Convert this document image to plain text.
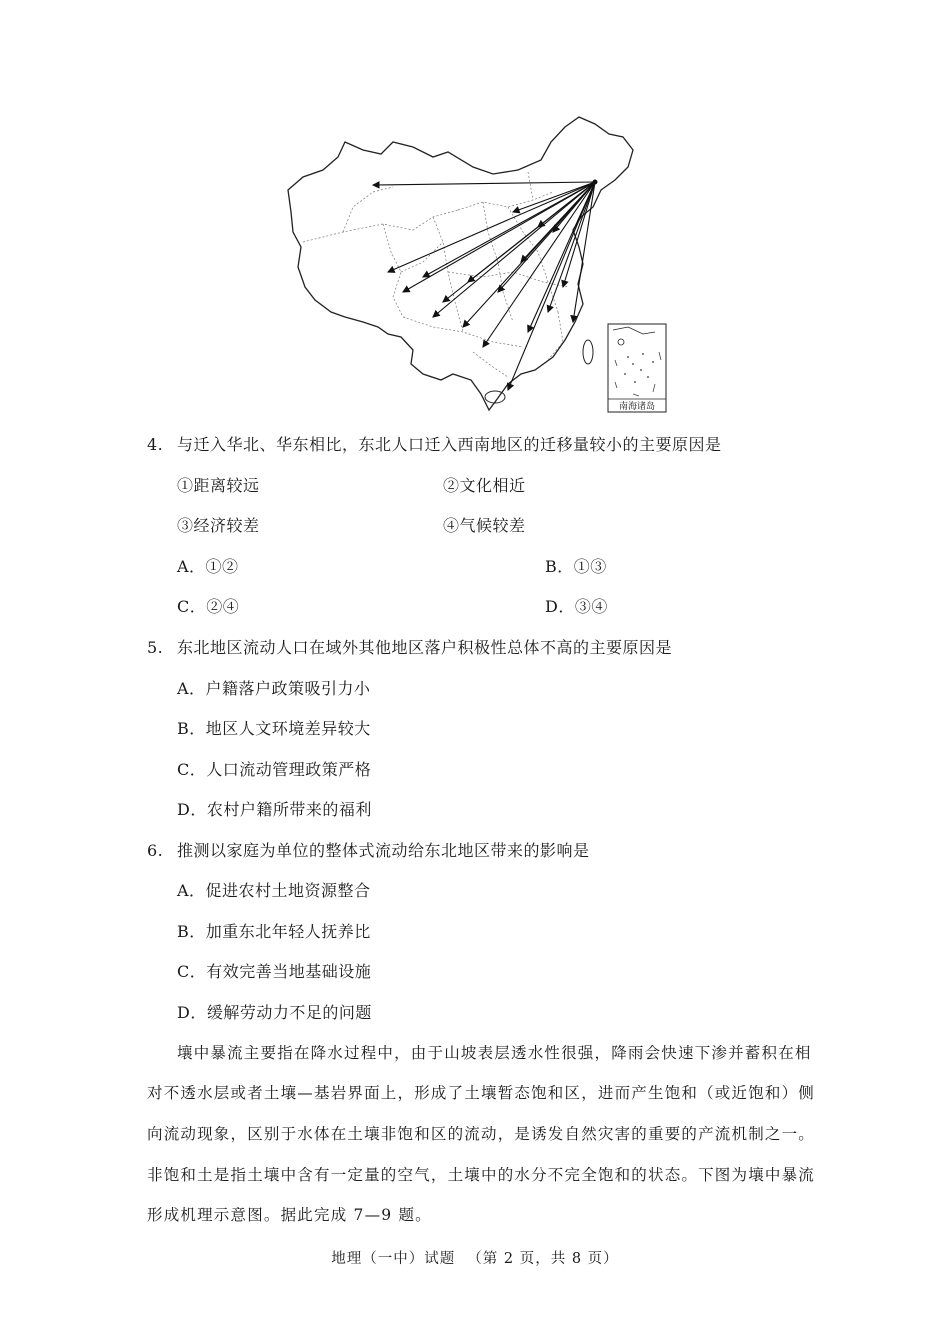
南海诸岛
4. 与迁入华北、华东相比，东北人口迁入西南地区的迁移量较小的主要原因是
①距离较远	②文化相近
③经济较差	④气候较差
A．①②	B．①③
C．②④	D．③④
5. 东北地区流动人口在域外其他地区落户积极性总体不高的主要原因是
A．户籍落户政策吸引力小
B．地区人文环境差异较大
C．人口流动管理政策严格
D．农村户籍所带来的福利
6. 推测以家庭为单位的整体式流动给东北地区带来的影响是
A．促进农村土地资源整合
B．加重东北年轻人抚养比
C．有效完善当地基础设施
D．缓解劳动力不足的问题
壤中暴流主要指在降水过程中，由于山坡表层透水性很强，降雨会快速下渗并蓄积在相
对不透水层或者土壤—基岩界面上，形成了土壤暂态饱和区，进而产生饱和（或近饱和）侧
向流动现象，区别于水体在土壤非饱和区的流动，是诱发自然灾害的重要的产流机制之一。
非饱和土是指土壤中含有一定量的空气，土壤中的水分不完全饱和的状态。下图为壤中暴流
形成机理示意图。据此完成 7—9 题。
地理（一中）试题 （第 2 页，共 8 页）
